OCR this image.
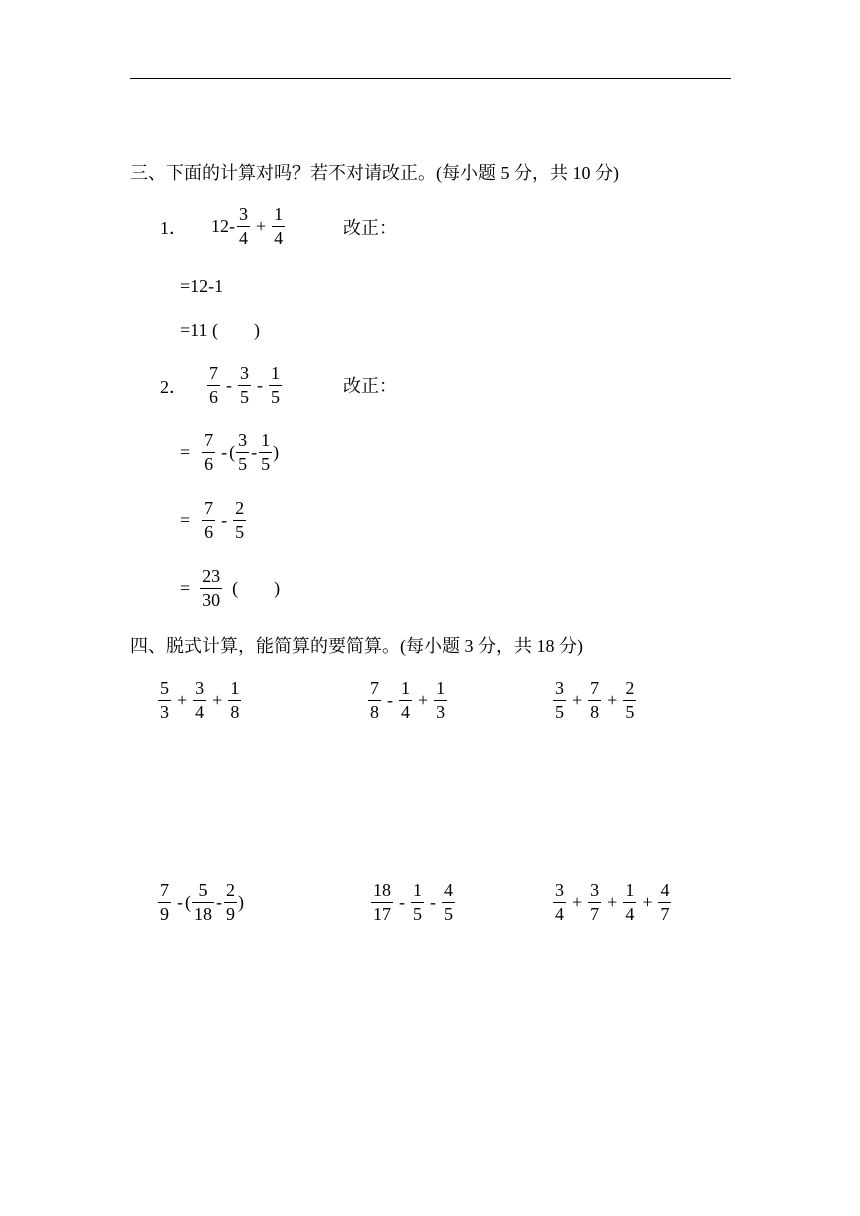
三、下面的计算对吗？若不对请改正。(每小题 5 分，共 10 分)
1． $12- \frac{3}{4} + \frac{1}{4}$	改正：
=12-1
=11 (        )
2． $\frac{7}{6} - \frac{3}{5} - \frac{1}{5}$	改正：
= $\frac{7}{6}$ - ( $\frac{3}{5} - \frac{1}{5}$ )
= $\frac{7}{6} - \frac{2}{5}$
= $\frac{23}{30}$ (        )
四、脱式计算，能简算的要简算。(每小题 3 分，共 18 分)
$\frac{5}{3} + \frac{3}{4} + \frac{1}{8}$	$\frac{7}{8} - \frac{1}{4} + \frac{1}{3}$	$\frac{3}{5} + \frac{7}{8} + \frac{2}{5}$
$\frac{7}{9}$ - ( $\frac{5}{18} - \frac{2}{9}$ )	$\frac{18}{17} - \frac{1}{5} - \frac{4}{5}$	$\frac{3}{4} + \frac{3}{7} + \frac{1}{4} + \frac{4}{7}$
